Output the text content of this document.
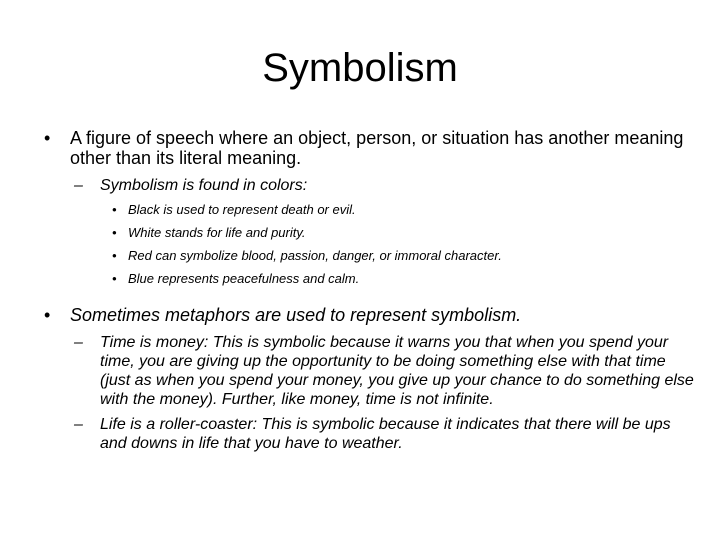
Symbolism
• A figure of speech where an object, person, or situation has another meaning other than its literal meaning.
– Symbolism is found in colors:
• Black is used to represent death or evil.
• White stands for life and purity.
• Red can symbolize blood, passion, danger, or immoral character.
• Blue represents peacefulness and calm.
• Sometimes metaphors are used to represent symbolism.
– Time is money: This is symbolic because it warns you that when you spend your time, you are giving up the opportunity to be doing something else with that time (just as when you spend your money, you give up your chance to do something else with the money). Further, like money, time is not infinite.
– Life is a roller-coaster: This is symbolic because it indicates that there will be ups and downs in life that you have to weather.
